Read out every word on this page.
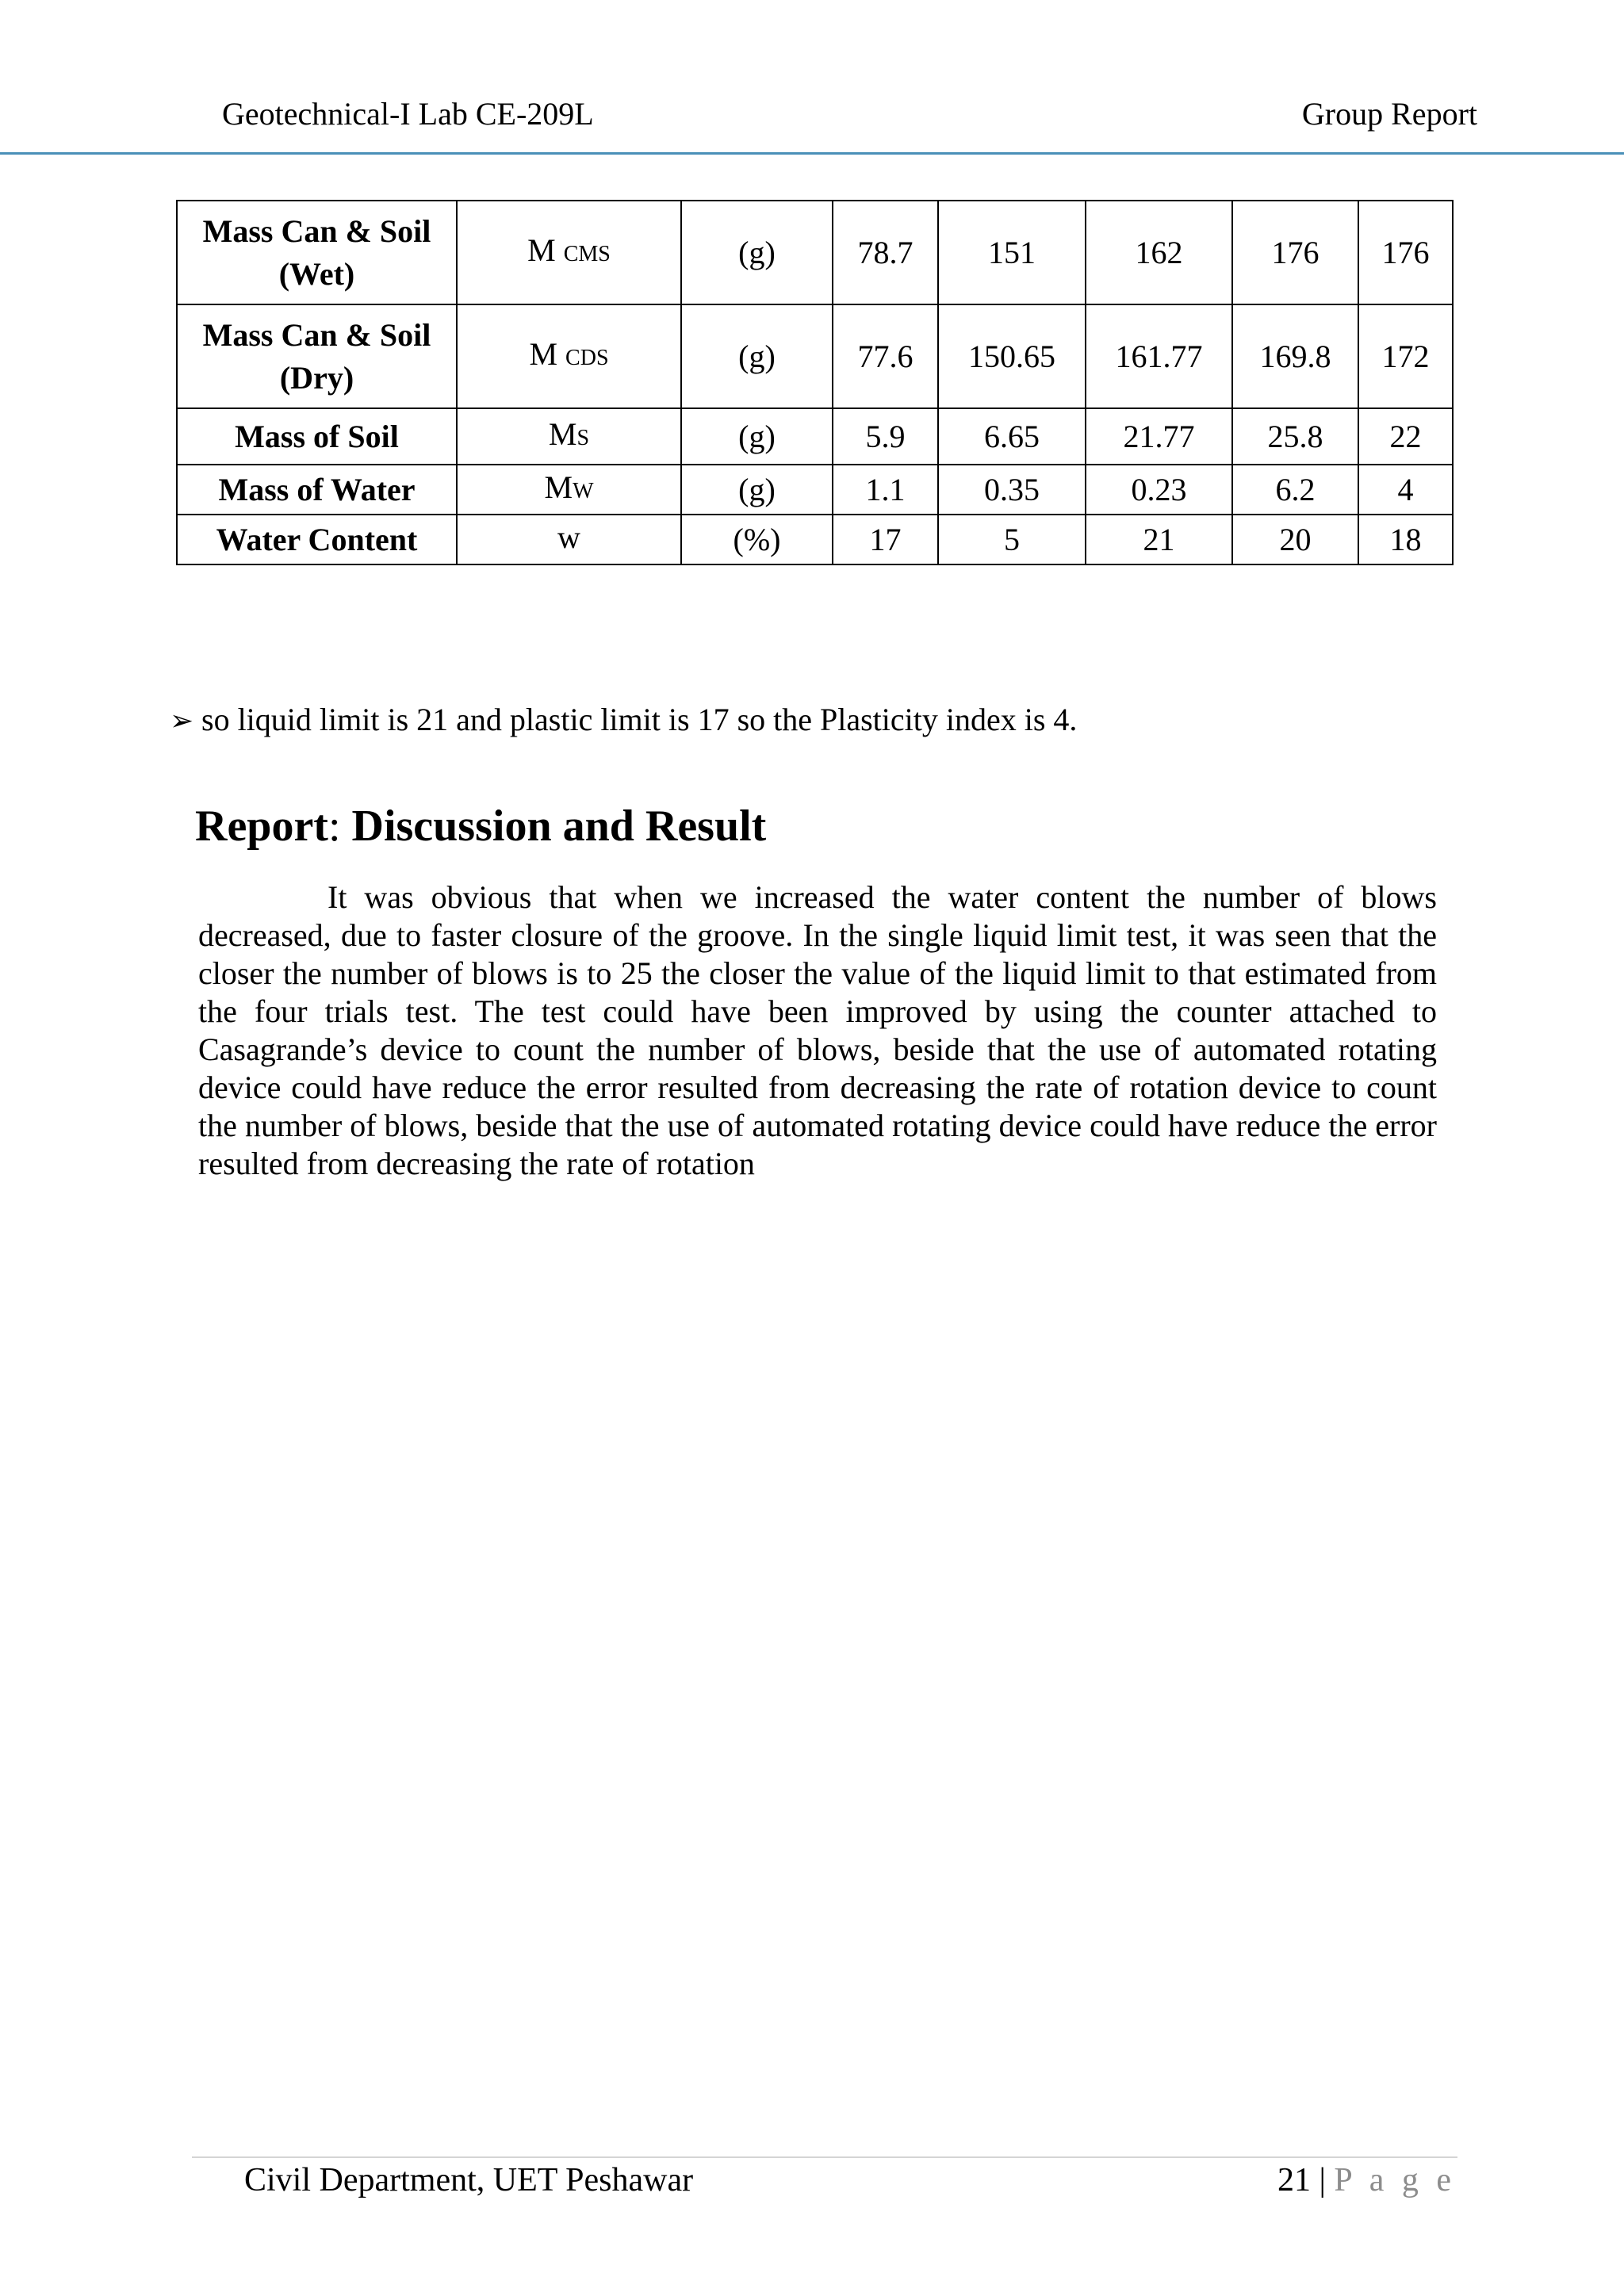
Geotechnical-I Lab CE-209L	Group Report
Mass Can & Soil
(Wet)	M CMS	(g)	78.7	151	162	176	176
Mass Can & Soil
(Dry)	M CDS	(g)	77.6	150.65	161.77	169.8	172
Mass of Soil	MS	(g)	5.9	6.65	21.77	25.8	22
Mass of Water	MW	(g)	1.1	0.35	0.23	6.2	4
Water Content	w	(%)	17	5	21	20	18
➢ so liquid limit is 21 and plastic limit is 17 so the Plasticity index is 4.
Report: Discussion and Result
It was obvious that when we increased the water content the number of blows decreased, due to faster closure of the groove. In the single liquid limit test, it was seen that the closer the number of blows is to 25 the closer the value of the liquid limit to that estimated from the four trials test. The test could have been improved by using the counter attached to Casagrande’s device to count the number of blows, beside that the use of automated rotating device could have reduce the error resulted from decreasing the rate of rotation device to count the number of blows, beside that the use of automated rotating device could have reduce the error resulted from decreasing the rate of rotation
Civil Department, UET Peshawar	21 | P a g e
